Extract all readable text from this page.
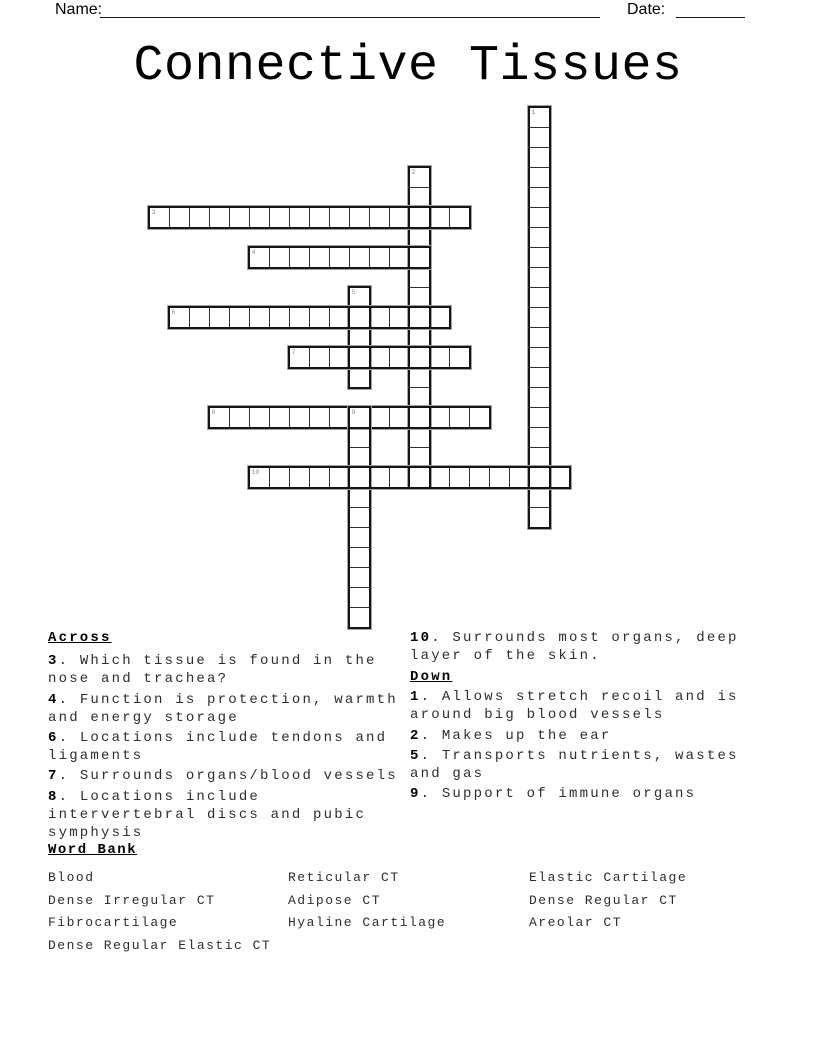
Name:	Date:
Connective Tissues
1
2
3
4
5
6
7
8	9
10

Across

3 . Which tissue is found in the nose and trachea?

4 . Function is protection, warmth and energy storage

6 . Locations include tendons and ligaments

7 . Surrounds organs/blood vessels

8 . Locations include intervertebral discs and pubic symphysis

10 . Surrounds most organs, deep layer of the skin.

Down

1 . Allows stretch recoil and is around big blood vessels

2 . Makes up the ear

5 . Transports nutrients, wastes and gas

9 . Support of immune organs

Word Bank

Blood
Dense Irregular CT
Fibrocartilage
Dense Regular Elastic CT
Reticular CT
Adipose CT
Hyaline Cartilage
Elastic Cartilage
Dense Regular CT
Areolar CT
